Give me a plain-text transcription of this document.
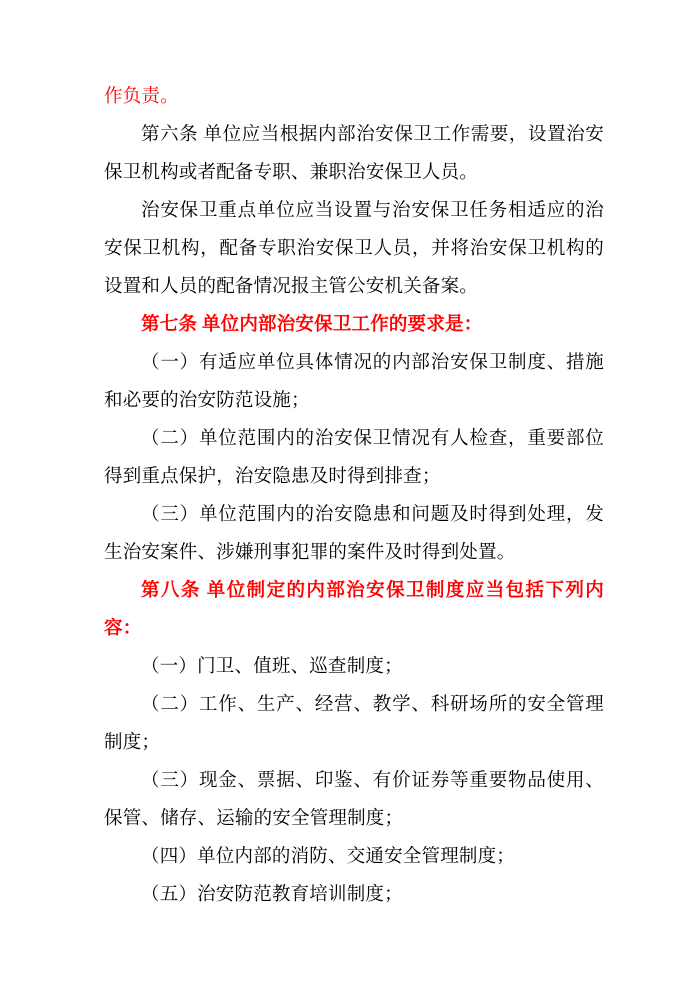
作负责。

第六条 单位应当根据内部治安保卫工作需要，设置治安保卫机构或者配备专职、兼职治安保卫人员。

治安保卫重点单位应当设置与治安保卫任务相适应的治安保卫机构，配备专职治安保卫人员，并将治安保卫机构的设置和人员的配备情况报主管公安机关备案。

第七条 单位内部治安保卫工作的要求是：

（一）有适应单位具体情况的内部治安保卫制度、措施和必要的治安防范设施；

（二）单位范围内的治安保卫情况有人检查，重要部位得到重点保护，治安隐患及时得到排查；

（三）单位范围内的治安隐患和问题及时得到处理，发生治安案件、涉嫌刑事犯罪的案件及时得到处置。

第八条 单位制定的内部治安保卫制度应当包括下列内容：

（一）门卫、值班、巡查制度；

（二）工作、生产、经营、教学、科研场所的安全管理制度；

（三）现金、票据、印鉴、有价证券等重要物品使用、保管、储存、运输的安全管理制度；

（四）单位内部的消防、交通安全管理制度；

（五）治安防范教育培训制度；
